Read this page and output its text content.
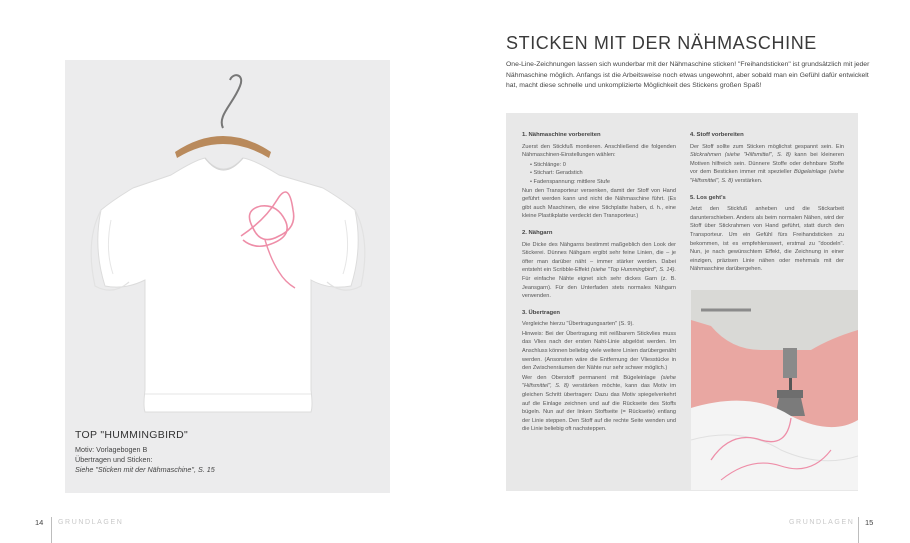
TOP "HUMMINGBIRD"
Motiv: Vorlagebogen B
Übertragen und Sticken:
Siehe "Sticken mit der Nähmaschine", S. 15
14 GRUNDLAGEN
STICKEN MIT DER NÄHMASCHINE
One-Line-Zeichnungen lassen sich wunderbar mit der Nähmaschine sticken! "Freihandsticken" ist grundsätzlich mit jeder Nähmaschine möglich. Anfangs ist die Arbeitsweise noch etwas ungewohnt, aber sobald man ein Gefühl dafür entwickelt hat, macht diese schnelle und unkomplizierte Möglichkeit des Stickens großen Spaß!
1. Nähmaschine vorbereiten

Zuerst den Stickfuß montieren. Anschließend die folgenden Nähmaschinen-Einstellungen wählen:

• Stichlänge: 0
• Stichart: Geradstich
• Fadenspannung: mittlere Stufe

Nun den Transporteur versenken, damit der Stoff von Hand geführt werden kann und nicht die Nähmaschine führt. (Es gibt auch Maschinen, die eine Stichplatte haben, d. h., eine kleine Plastikplatte verdeckt den Transporteur.)

2. Nähgarn

Die Dicke des Nähgarns bestimmt maßgeblich den Look der Stickerei. Dünnes Nähgarn ergibt sehr feine Linien, die – je öfter man darüber näht – immer stärker werden. Dabei entsteht ein Scribble-Effekt (siehe "Top Hummingbird", S. 14). Für einfache Nähte eignet sich sehr dickes Garn (z. B. Jeansgarn). Für den Unterfaden stets normales Nähgarn verwenden.

3. Übertragen

Vergleiche hierzu "Übertragungsarten" (S. 9).

Hinweis: Bei der Übertragung mit reißbarem Stickvlies muss das Vlies nach der ersten Naht-Linie abgelöst werden. Im Anschluss können beliebig viele weitere Linien darübergenäht werden. (Ansonsten wäre die Entfernung der Vliesstücke in den Zwischenräumen der Nähte nur sehr schwer möglich.)

Wer den Oberstoff permanent mit Bügeleinlage (siehe "Hilfsmittel", S. 8) verstärken möchte, kann das Motiv im gleichen Schritt übertragen: Dazu das Motiv spiegelverkehrt auf die Einlage zeichnen und auf die Rückseite des Stoffs bügeln. Nun auf der linken Stoffseite (= Rückseite) entlang der Linie steppen. Den Stoff auf die rechte Seite wenden und die Linie beliebig oft nachsteppen.

4. Stoff vorbereiten

Der Stoff sollte zum Sticken möglichst gespannt sein. Ein Stickrahmen (siehe "Hilfsmittel", S. 8) kann bei kleineren Motiven hilfreich sein. Dünnere Stoffe oder dehnbare Stoffe vor dem Besticken immer mit spezieller Bügeleinlage (siehe "Hilfsmittel", S. 8) verstärken.

5. Los geht's

Jetzt den Stickfuß anheben und die Stickarbeit darunterschieben. Anders als beim normalen Nähen, wird der Stoff über Stickrahmen von Hand geführt, statt durch den Transporteur. Um ein Gefühl fürs Freihandsticken zu bekommen, ist es empfehlenswert, erstmal zu "doodeln". Nun, je nach gewünschtem Effekt, die Zeichnung in einer einzigen, präzisen Linie nähen oder mehrmals mit der Nähmaschine darübergehen.

GRUNDLAGEN 15
